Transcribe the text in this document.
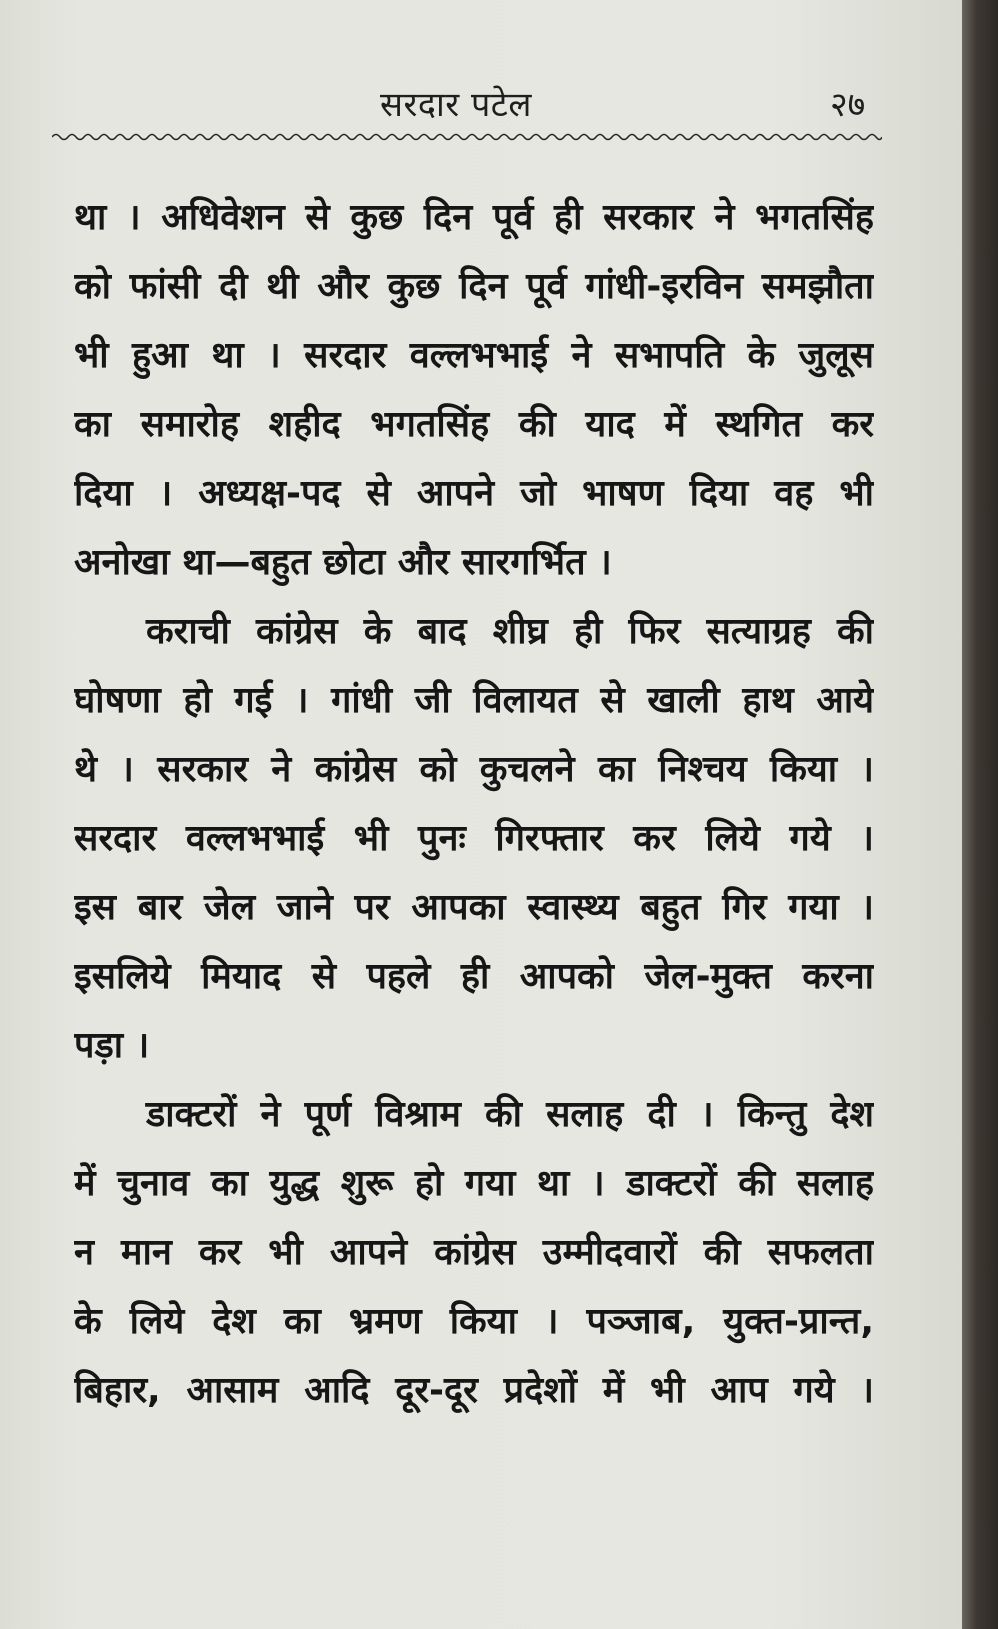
सरदार पटेल	२७
था । अधिवेशन से कुछ दिन पूर्व ही सरकार ने भगतसिंह
को फांसी दी थी और कुछ दिन पूर्व गांधी-इरविन समझौता
भी हुआ था । सरदार वल्लभभाई ने सभापति के जुलूस
का समारोह शहीद भगतसिंह की याद में स्थगित कर
दिया । अध्यक्ष-पद से आपने जो भाषण दिया वह भी
अनोखा था—बहुत छोटा और सारगर्भित ।
कराची कांग्रेस के बाद शीघ्र ही फिर सत्याग्रह की
घोषणा हो गई । गांधी जी विलायत से खाली हाथ आये
थे । सरकार ने कांग्रेस को कुचलने का निश्चय किया ।
सरदार वल्लभभाई भी पुनः गिरफ्तार कर लिये गये ।
इस बार जेल जाने पर आपका स्वास्थ्य बहुत गिर गया ।
इसलिये मियाद से पहले ही आपको जेल-मुक्त करना
पड़ा ।
डाक्टरों ने पूर्ण विश्राम की सलाह दी । किन्तु देश
में चुनाव का युद्ध शुरू हो गया था । डाक्टरों की सलाह
न मान कर भी आपने कांग्रेस उम्मीदवारों की सफलता
के लिये देश का भ्रमण किया । पञ्जाब, युक्त-प्रान्त,
बिहार, आसाम आदि दूर-दूर प्रदेशों में भी आप गये ।
